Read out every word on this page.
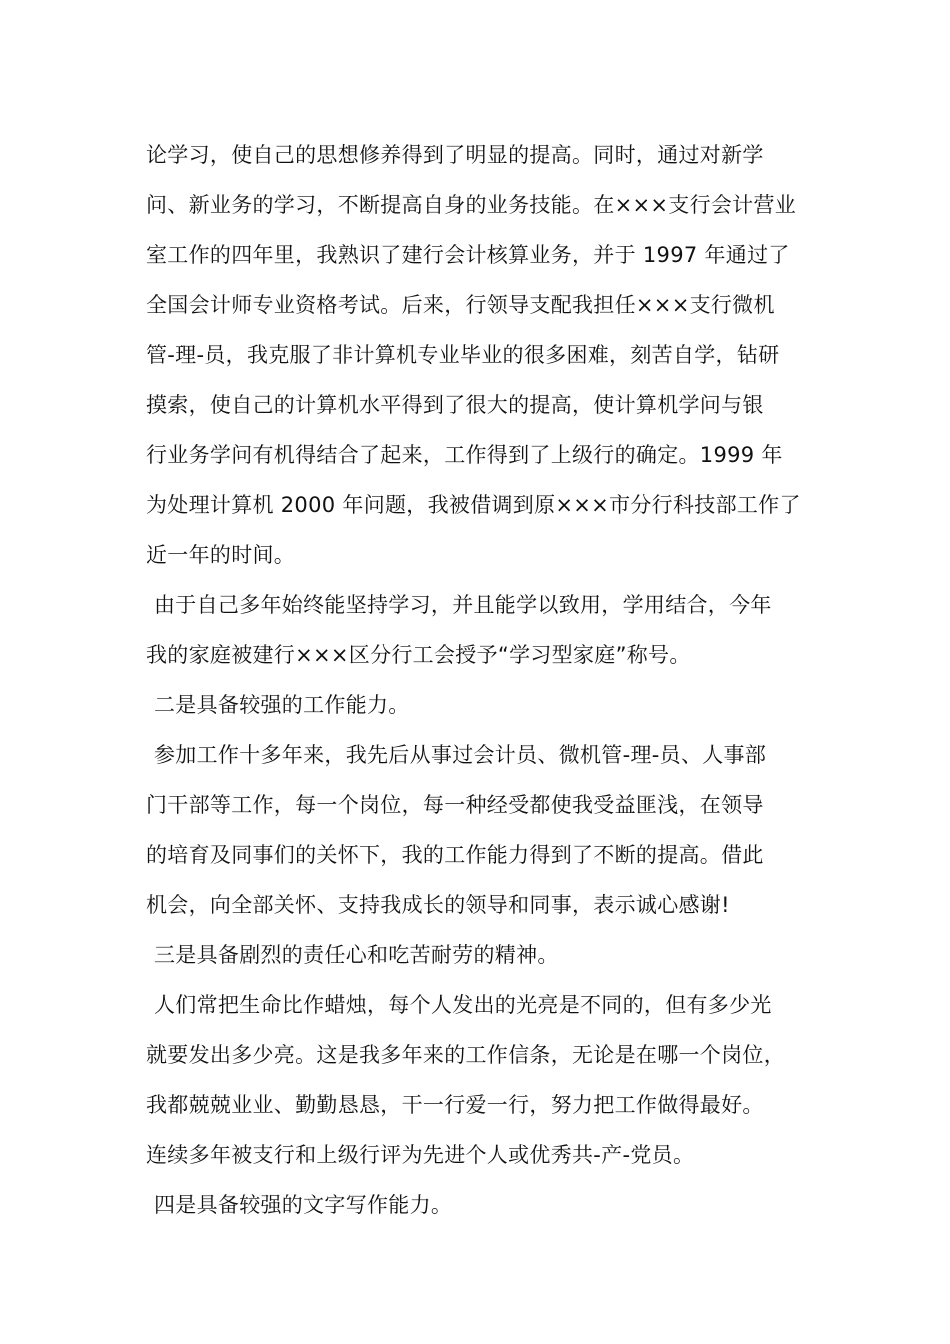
论学习，使自己的思想修养得到了明显的提高。同时，通过对新学
问、新业务的学习，不断提高自身的业务技能。在×××支行会计营业
室工作的四年里，我熟识了建行会计核算业务，并于 1997 年通过了
全国会计师专业资格考试。后来，行领导支配我担任×××支行微机
管-理-员，我克服了非计算机专业毕业的很多困难，刻苦自学，钻研
摸索，使自己的计算机水平得到了很大的提高，使计算机学问与银
行业务学问有机得结合了起来，工作得到了上级行的确定。1999 年
为处理计算机 2000 年问题，我被借调到原×××市分行科技部工作了
近一年的时间。
由于自己多年始终能坚持学习，并且能学以致用，学用结合，今年
我的家庭被建行×××区分行工会授予“学习型家庭”称号。
二是具备较强的工作能力。
参加工作十多年来，我先后从事过会计员、微机管-理-员、人事部
门干部等工作，每一个岗位，每一种经受都使我受益匪浅，在领导
的培育及同事们的关怀下，我的工作能力得到了不断的提高。借此
机会，向全部关怀、支持我成长的领导和同事，表示诚心感谢!
三是具备剧烈的责任心和吃苦耐劳的精神。
人们常把生命比作蜡烛，每个人发出的光亮是不同的，但有多少光
就要发出多少亮。这是我多年来的工作信条，无论是在哪一个岗位，
我都兢兢业业、勤勤恳恳，干一行爱一行，努力把工作做得最好。
连续多年被支行和上级行评为先进个人或优秀共-产-党员。
四是具备较强的文字写作能力。
